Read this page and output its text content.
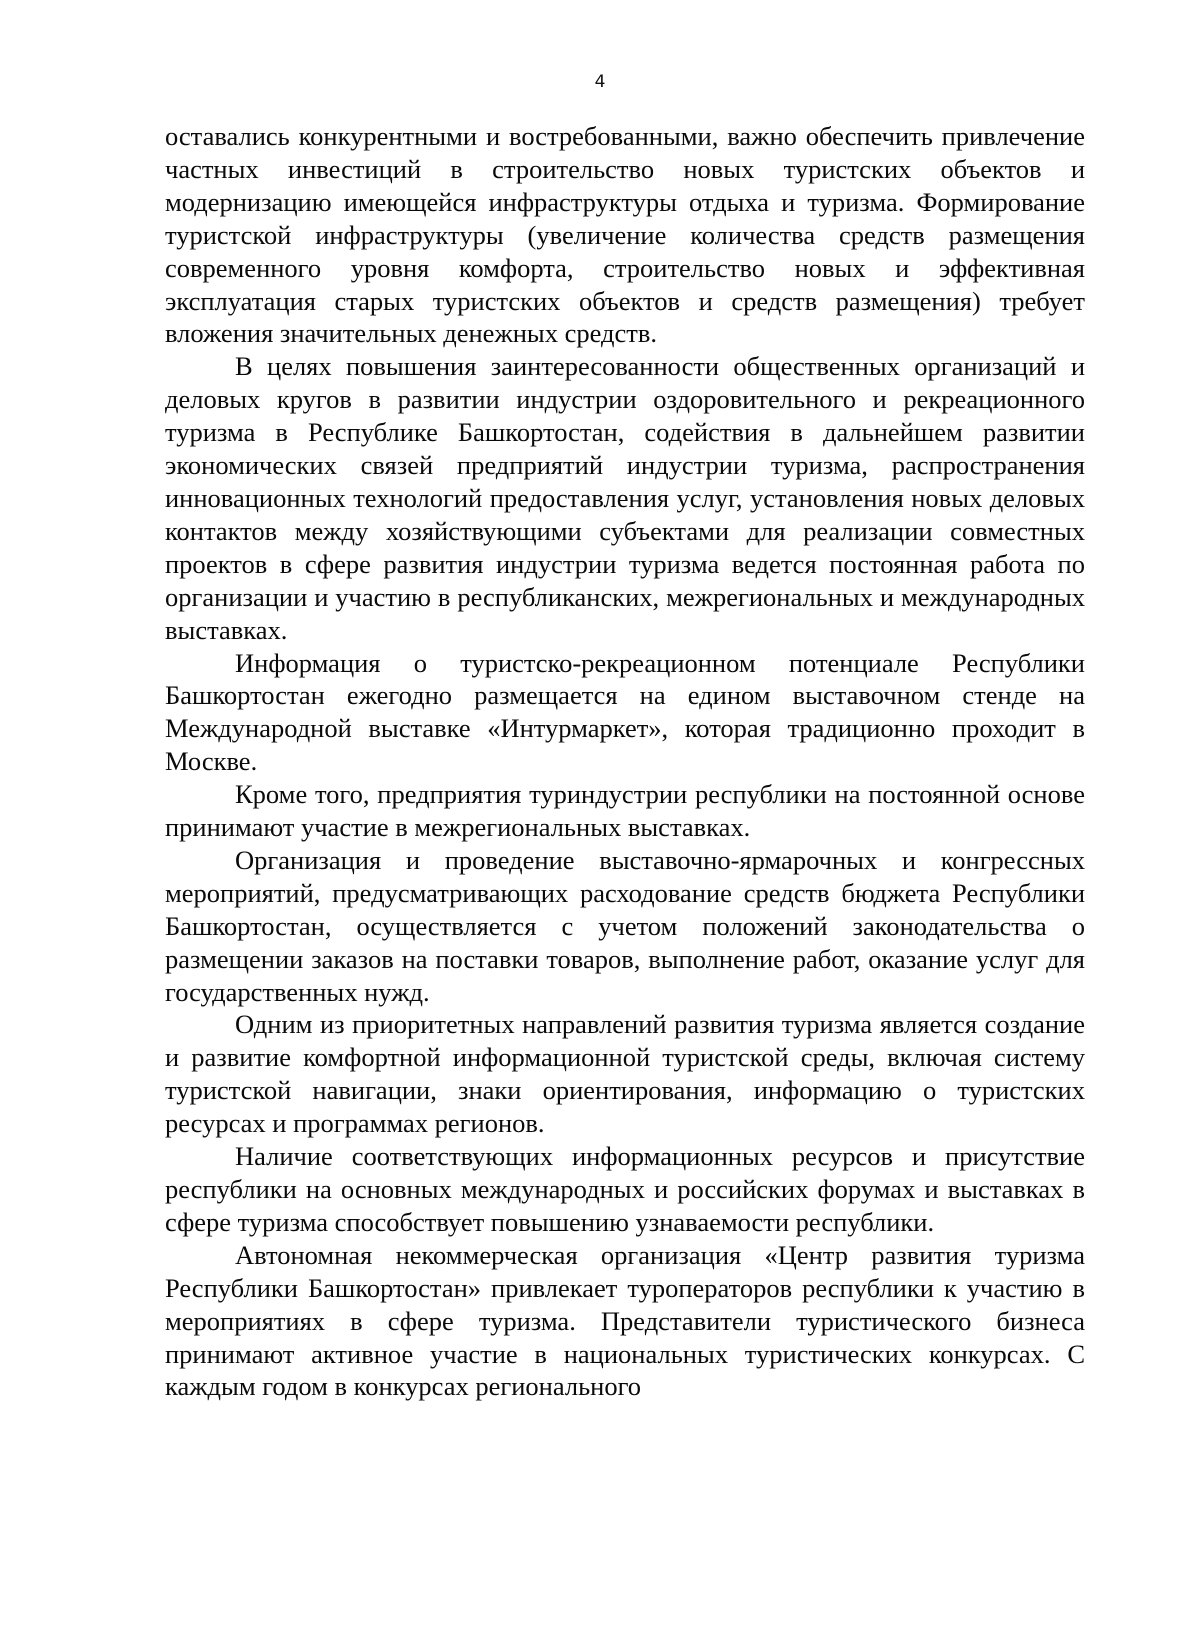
4

оставались конкурентными и востребованными, важно обеспечить привлечение частных инвестиций в строительство новых туристских объектов и модернизацию имеющейся инфраструктуры отдыха и туризма. Формирование туристской инфраструктуры (увеличение количества средств размещения современного уровня комфорта, строительство новых и эффективная эксплуатация старых туристских объектов и средств размещения) требует вложения значительных денежных средств.

В целях повышения заинтересованности общественных организаций и деловых кругов в развитии индустрии оздоровительного и рекреационного туризма в Республике Башкортостан, содействия в дальнейшем развитии экономических связей предприятий индустрии туризма, распространения инновационных технологий предоставления услуг, установления новых деловых контактов между хозяйствующими субъектами для реализации совместных проектов в сфере развития индустрии туризма ведется постоянная работа по организации и участию в республиканских, межрегиональных и международных выставках.

Информация о туристско-рекреационном потенциале Республики Башкортостан ежегодно размещается на едином выставочном стенде на Международной выставке «Интурмаркет», которая традиционно проходит в Москве.

Кроме того, предприятия туриндустрии республики на постоянной основе принимают участие в межрегиональных выставках.

Организация и проведение выставочно-ярмарочных и конгрессных мероприятий, предусматривающих расходование средств бюджета Республики Башкортостан, осуществляется с учетом положений законодательства о размещении заказов на поставки товаров, выполнение работ, оказание услуг для государственных нужд.

Одним из приоритетных направлений развития туризма является создание и развитие комфортной информационной туристской среды, включая систему туристской навигации, знаки ориентирования, информацию о туристских ресурсах и программах регионов.

Наличие соответствующих информационных ресурсов и присутствие республики на основных международных и российских форумах и выставках в сфере туризма способствует повышению узнаваемости республики.

Автономная некоммерческая организация «Центр развития туризма Республики Башкортостан» привлекает туроператоров республики к участию в мероприятиях в сфере туризма. Представители туристического бизнеса принимают активное участие в национальных туристических конкурсах. С каждым годом в конкурсах регионального
